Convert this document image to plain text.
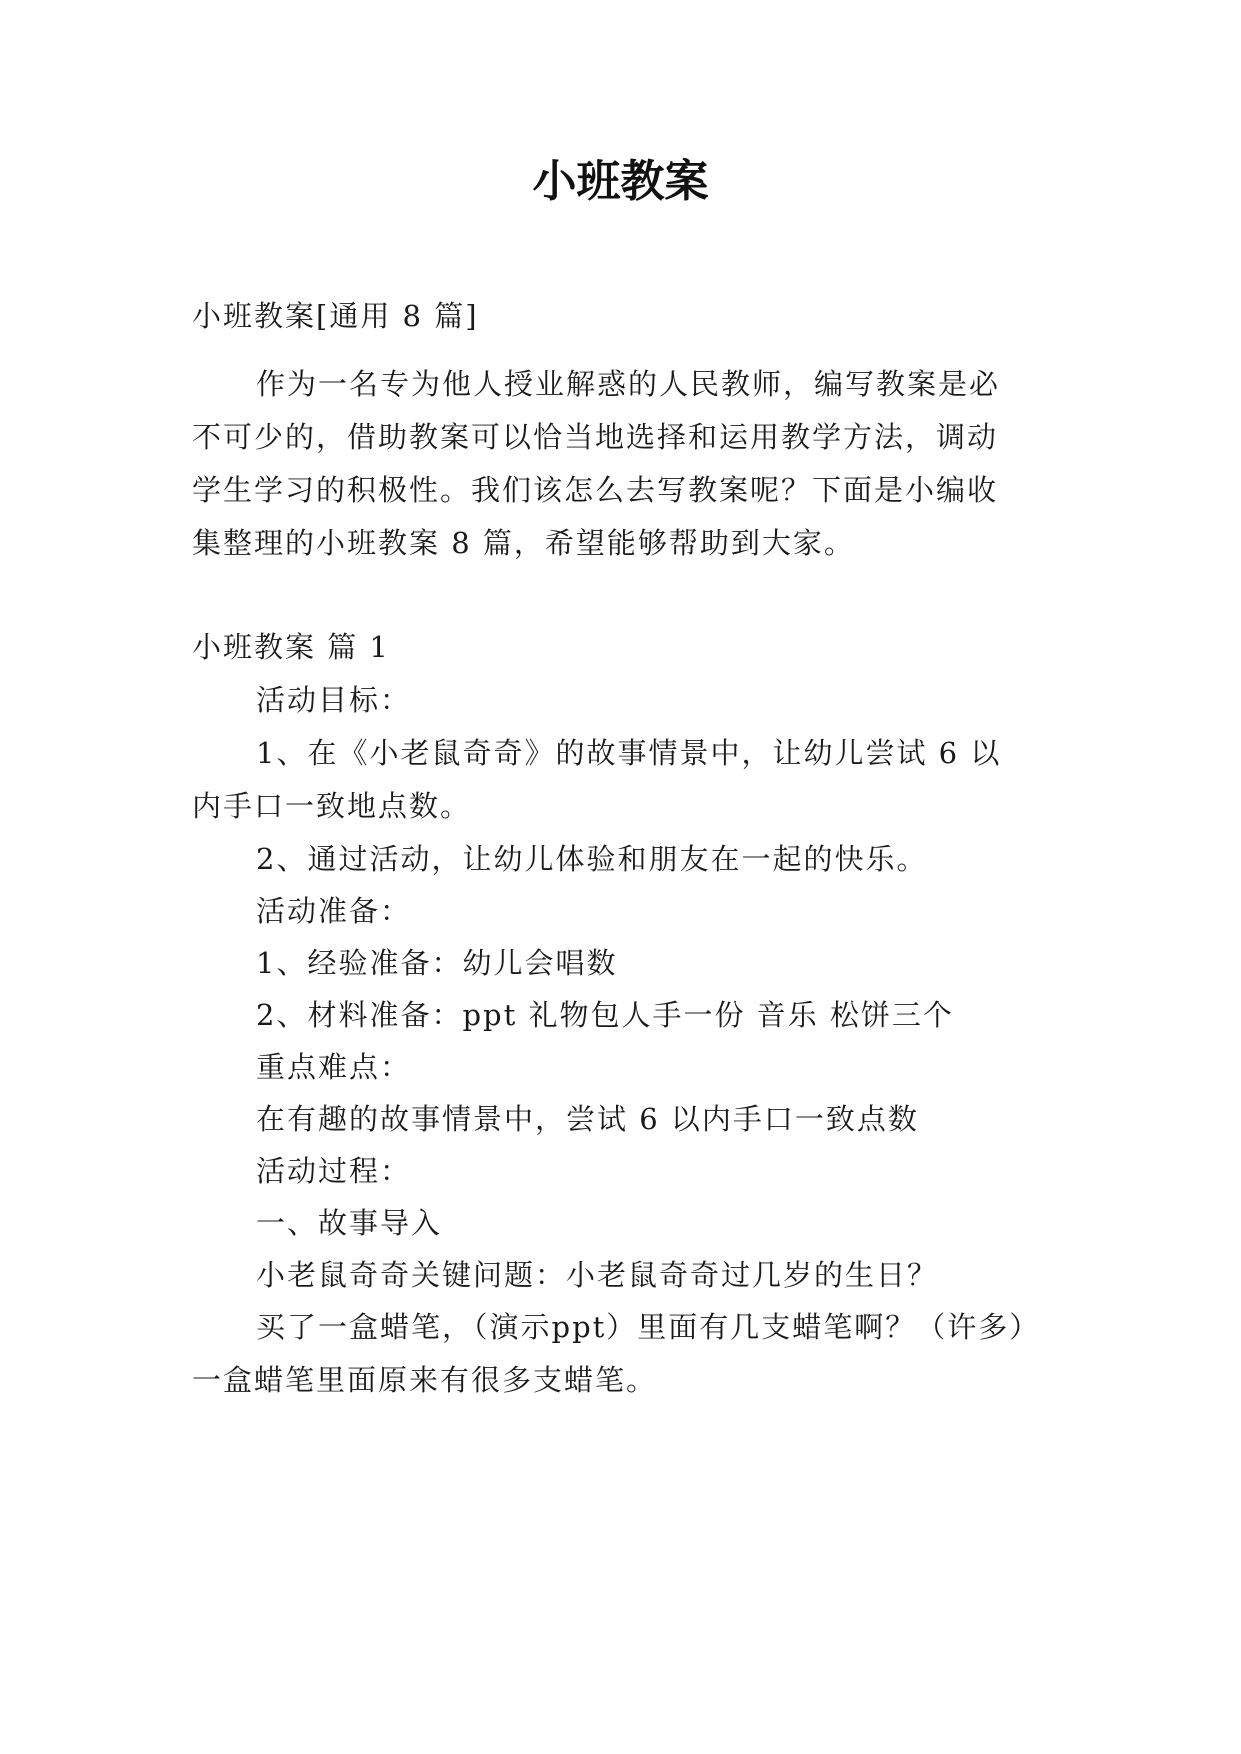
小班教案
小班教案[通用 8 篇]
作为一名专为他人授业解惑的人民教师，编写教案是必
不可少的，借助教案可以恰当地选择和运用教学方法，调动
学生学习的积极性。我们该怎么去写教案呢？下面是小编收
集整理的小班教案 8 篇，希望能够帮助到大家。
小班教案 篇 1
活动目标：
1、在《小老鼠奇奇》的故事情景中，让幼儿尝试 6 以
内手口一致地点数。
2、通过活动，让幼儿体验和朋友在一起的快乐。
活动准备：
1、经验准备：幼儿会唱数
2、材料准备：ppt 礼物包人手一份 音乐 松饼三个
重点难点：
在有趣的故事情景中，尝试 6 以内手口一致点数
活动过程：
一、故事导入
小老鼠奇奇关键问题：小老鼠奇奇过几岁的生日？
买了一盒蜡笔，（演示ppt）里面有几支蜡笔啊？（许多）
一盒蜡笔里面原来有很多支蜡笔。
